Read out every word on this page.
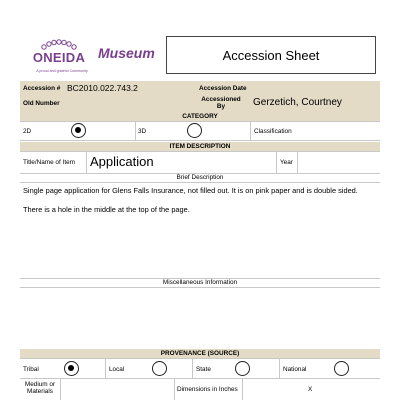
ONEIDA
A proud and grateful Community
Museum	Accession Sheet
Accession # BC2010.022.743.2	Accession Date
Old Number
Accessioned By	Gerzetich, Courtney
CATEGORY
2D	3D	Classification
ITEM DESCRIPTION
Title/Name of Item Application	Year
Brief Description
Single page application for Glens Falls Insurance, not filled out. It is on pink paper and is double sided.
There is a hole in the middle at the top of the page.
Miscellaneous Information
PROVENANCE (SOURCE)
Tribal	Local	State	National
Medium or Materials	Dimensions in Inches	X
